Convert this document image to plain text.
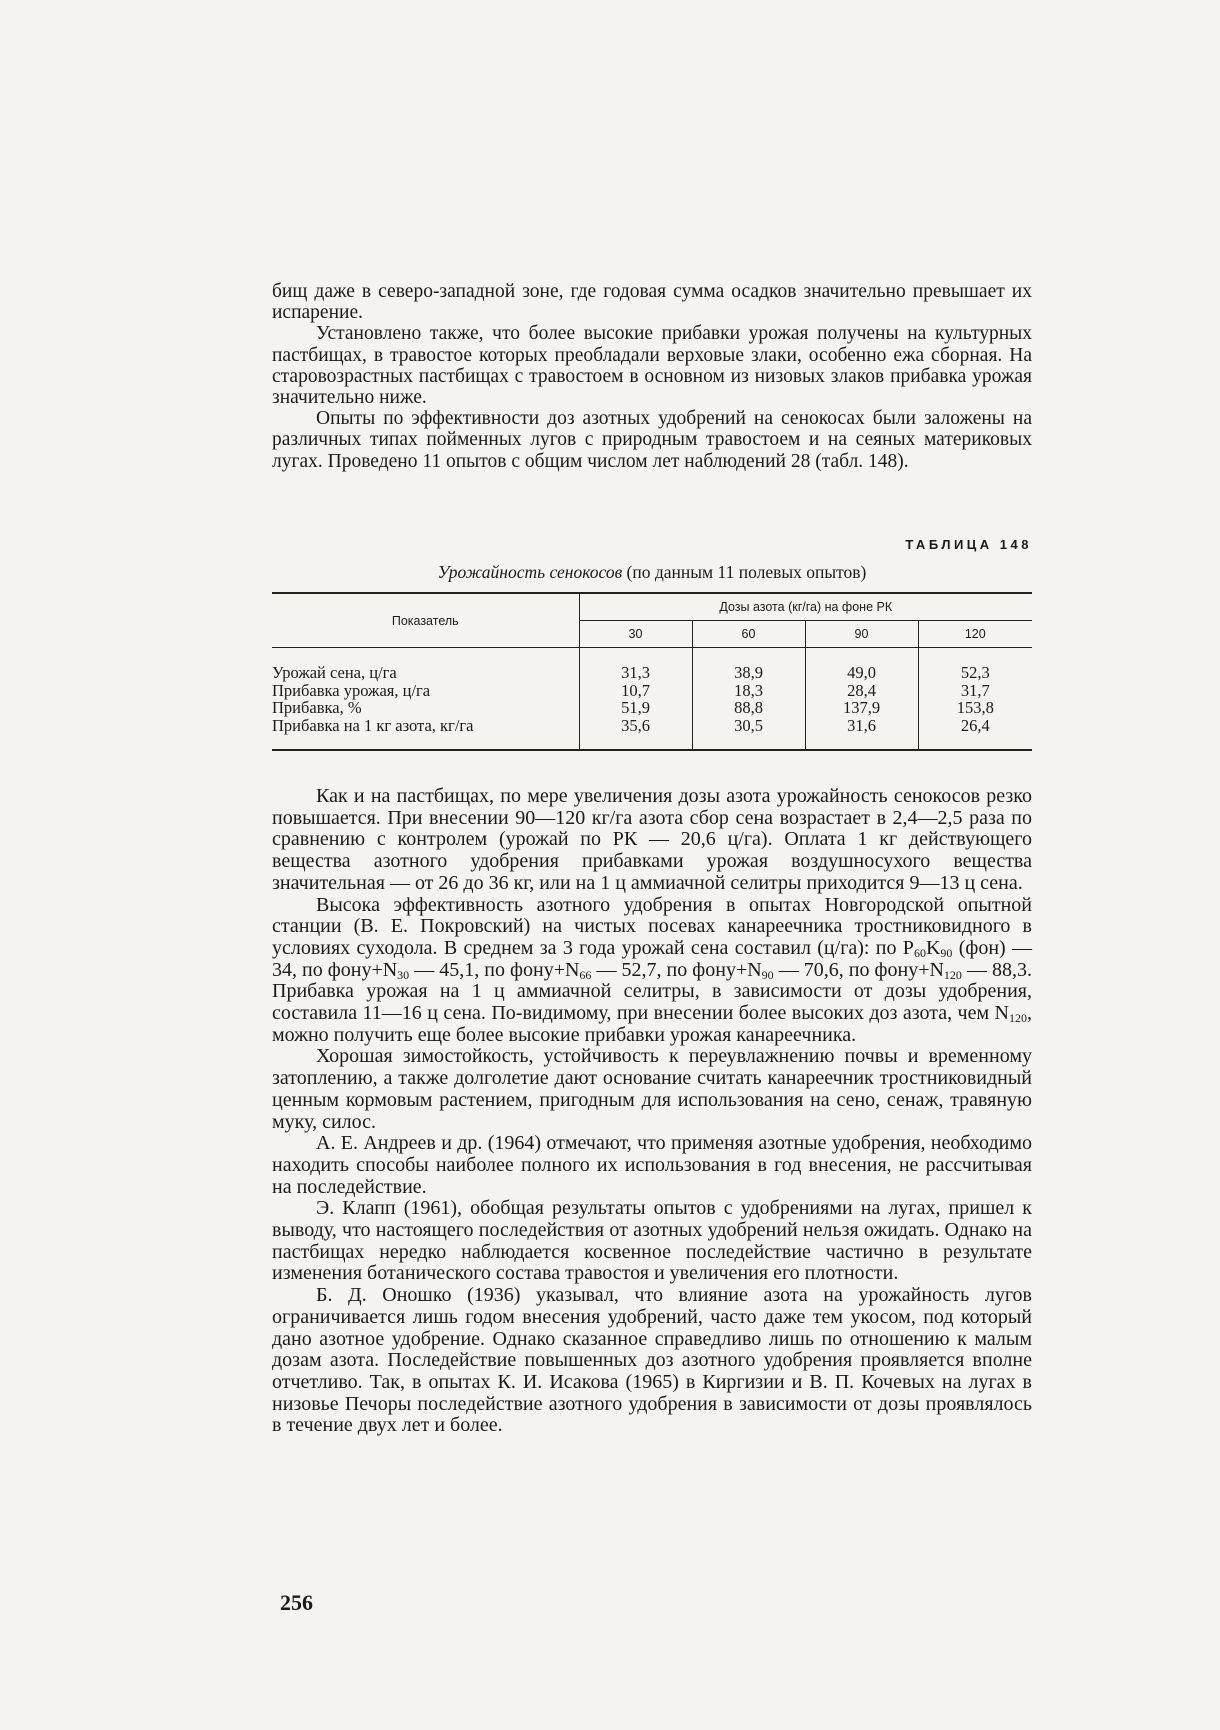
бищ даже в северо-западной зоне, где годовая сумма осадков значительно превышает их испарение.

Установлено также, что более высокие прибавки урожая получены на культурных пастбищах, в травостое которых преобладали верховые злаки, особенно ежа сборная. На старовозрастных пастбищах с травостоем в основном из низовых злаков прибавка урожая значительно ниже.

Опыты по эффективности доз азотных удобрений на сенокосах были заложены на различных типах пойменных лугов с природным травостоем и на сеяных материковых лугах. Проведено 11 опытов с общим числом лет наблюдений 28 (табл. 148).

ТАБЛИЦА 148
Урожайность сенокосов (по данным 11 полевых опытов)
Показатель	Дозы азота (кг/га) на фоне РК			
	30	60	90	120

Урожай сена, ц/га	31,3	38,9	49,0	52,3
Прибавка урожая, ц/га	10,7	18,3	28,4	31,7
Прибавка, %	51,9	88,8	137,9	153,8
Прибавка на 1 кг азота, кг/га	35,6	30,5	31,6	26,4

Как и на пастбищах, по мере увеличения дозы азота урожайность сенокосов резко повышается. При внесении 90—120 кг/га азота сбор сена возрастает в 2,4—2,5 раза по сравнению с контролем (урожай по РК — 20,6 ц/га). Оплата 1 кг действующего вещества азотного удобрения прибавками урожая воздушносухого вещества значительная — от 26 до 36 кг, или на 1 ц аммиачной селитры приходится 9—13 ц сена.

Высока эффективность азотного удобрения в опытах Новгородской опытной станции (В. Е. Покровский) на чистых посевах канареечника тростниковидного в условиях суходола. В среднем за 3 года урожай сена составил (ц/га): по $P_{60}K_{90}$ (фон) — 34, по $фону+N_{30}$ — 45,1, по $фону+N_{66}$ — 52,7, по $фону+N_{90}$ — 70,6, по $фону+N_{120}$ — 88,3. Прибавка урожая на 1 ц аммиачной селитры, в зависимости от дозы удобрения, составила 11—16 ц сена. По-видимому, при внесении более высоких доз азота, чем $N_{120}$, можно получить еще более высокие прибавки урожая канареечника.

Хорошая зимостойкость, устойчивость к переувлажнению почвы и временному затоплению, а также долголетие дают основание считать канареечник тростниковидный ценным кормовым растением, пригодным для использования на сено, сенаж, травяную муку, силос.

А. Е. Андреев и др. (1964) отмечают, что применяя азотные удобрения, необходимо находить способы наиболее полного их использования в год внесения, не рассчитывая на последействие.

Э. Клапп (1961), обобщая результаты опытов с удобрениями на лугах, пришел к выводу, что настоящего последействия от азотных удобрений нельзя ожидать. Однако на пастбищах нередко наблюдается косвенное последействие частично в результате изменения ботанического состава травостоя и увеличения его плотности.

Б. Д. Оношко (1936) указывал, что влияние азота на урожайность лугов ограничивается лишь годом внесения удобрений, часто даже тем укосом, под который дано азотное удобрение. Однако сказанное справедливо лишь по отношению к малым дозам азота. Последействие повышенных доз азотного удобрения проявляется вполне отчетливо. Так, в опытах К. И. Исакова (1965) в Киргизии и В. П. Кочевых на лугах в низовье Печоры последействие азотного удобрения в зависимости от дозы проявлялось в течение двух лет и более.

256
